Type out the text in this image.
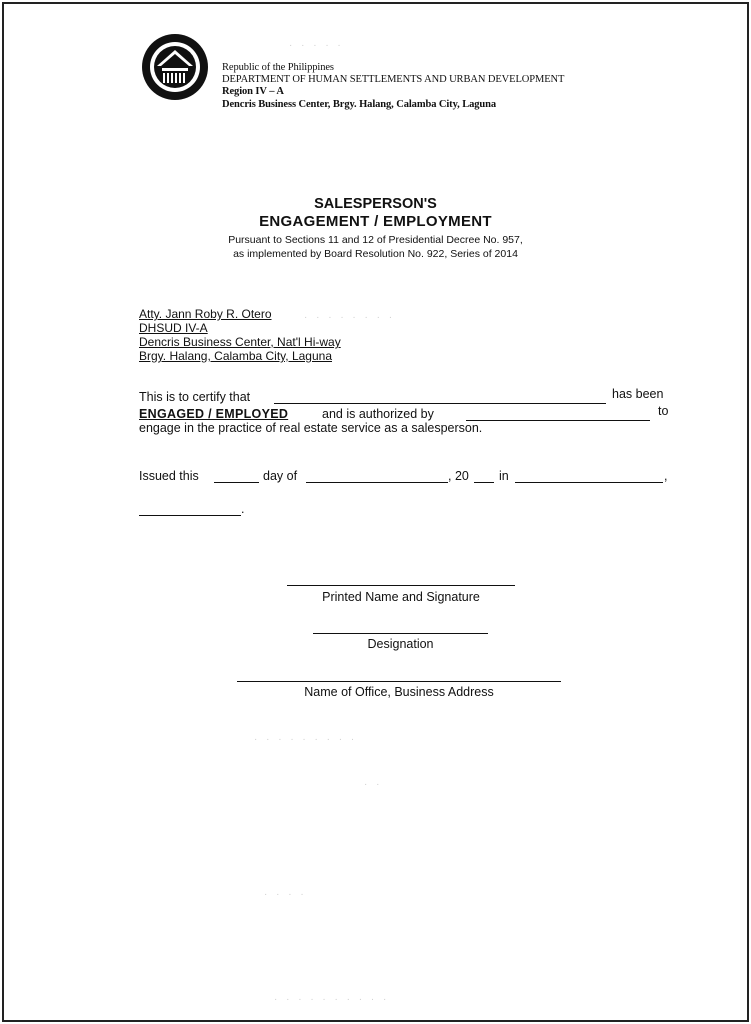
Republic of the Philippines
DEPARTMENT OF HUMAN SETTLEMENTS AND URBAN DEVELOPMENT
Region IV – A
Dencris Business Center, Brgy. Halang, Calamba City, Laguna
SALESPERSON'S
ENGAGEMENT / EMPLOYMENT
Pursuant to Sections 11 and 12 of Presidential Decree No. 957,
as implemented by Board Resolution No. 922, Series of 2014
Atty. Jann Roby R. Otero
DHSUD IV-A
Dencris Business Center, Nat'l Hi-way
Brgy. Halang, Calamba City, Laguna
This is to certify that	has been
ENGAGED / EMPLOYED	and is authorized by	to
engage in the practice of real estate service as a salesperson.
Issued this	day of	, 20 in	,
.
Printed Name and Signature
Designation
Name of Office, Business Address
· · · · ·
· · · · · · · ·
· · · · · · · · ·
· ·
· · · ·
· · · · · · · · · ·
